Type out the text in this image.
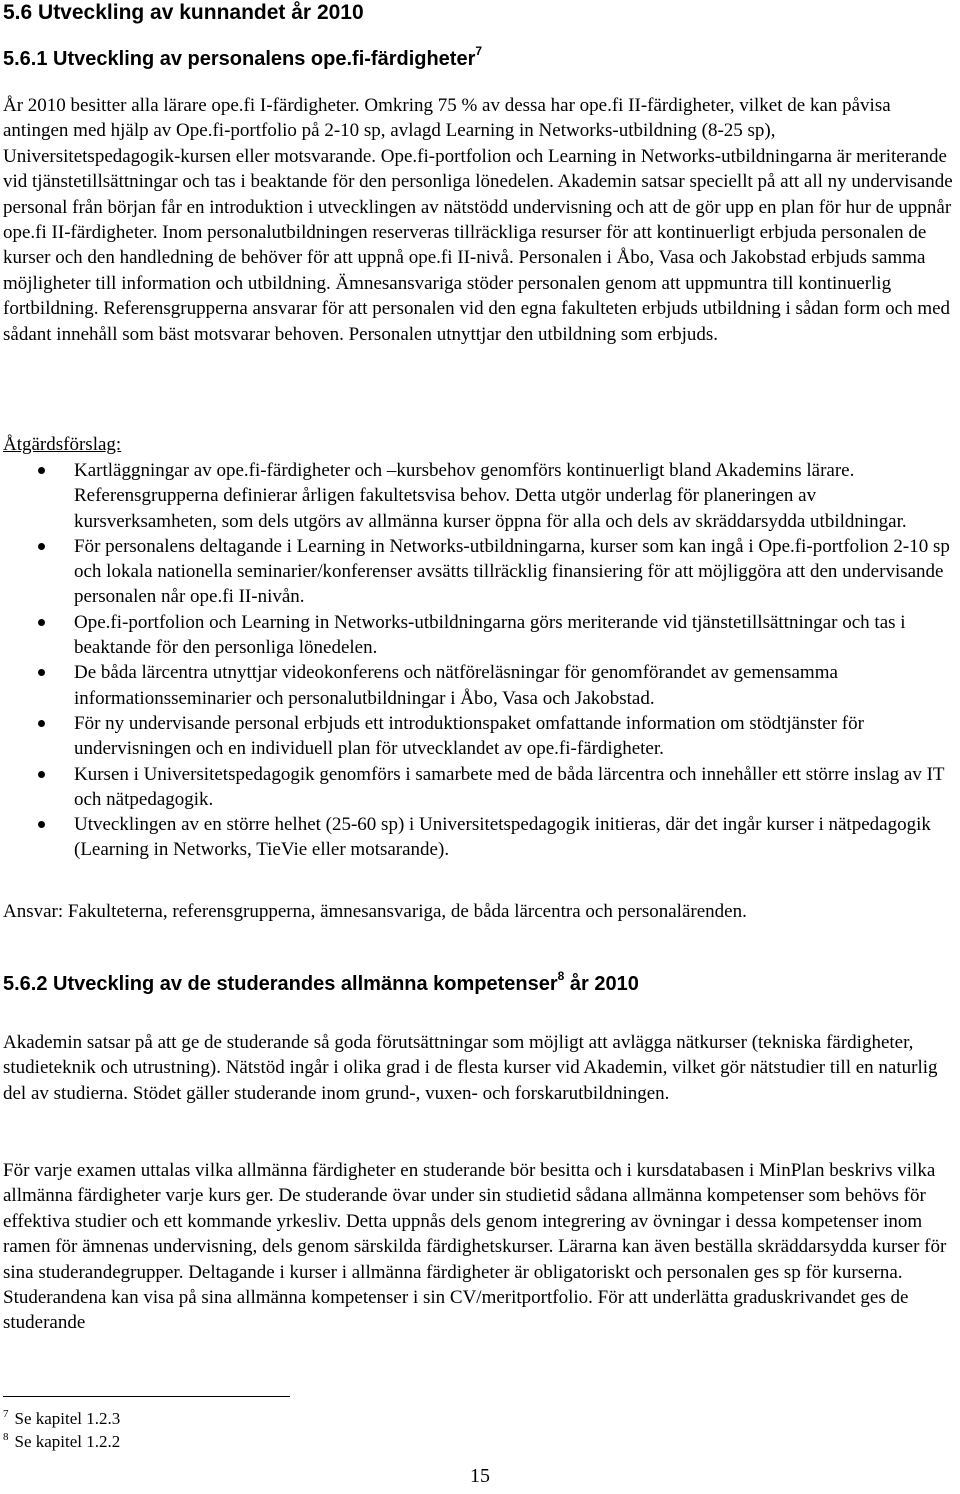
5.6 Utveckling av kunnandet år 2010
5.6.1 Utveckling av personalens ope.fi-färdigheter$^7$

År 2010 besitter alla lärare ope.fi I-färdigheter. Omkring 75 % av dessa har ope.fi II-färdigheter, vilket de kan påvisa antingen med hjälp av Ope.fi-portfolio på 2-10 sp, avlagd Learning in Networks-utbildning (8-25 sp), Universitetspedagogik-kursen eller motsvarande. Ope.fi-portfolion och Learning in Networks-utbildningarna är meriterande vid tjänstetillsättningar och tas i beaktande för den personliga lönedelen. Akademin satsar speciellt på att all ny undervisande personal från början får en introduktion i utvecklingen av nätstödd undervisning och att de gör upp en plan för hur de uppnår ope.fi II-färdigheter. Inom personalutbildningen reserveras tillräckliga resurser för att kontinuerligt erbjuda personalen de kurser och den handledning de behöver för att uppnå ope.fi II-nivå. Personalen i Åbo, Vasa och Jakobstad erbjuds samma möjligheter till information och utbildning. Ämnesansvariga stöder personalen genom att uppmuntra till kontinuerlig fortbildning. Referensgrupperna ansvarar för att personalen vid den egna fakulteten erbjuds utbildning i sådan form och med sådant innehåll som bäst motsvarar behoven. Personalen utnyttjar den utbildning som erbjuds.

Åtgärdsförslag:

Kartläggningar av ope.fi-färdigheter och –kursbehov genomförs kontinuerligt bland Akademins lärare. Referensgrupperna definierar årligen fakultetsvisa behov. Detta utgör underlag för planeringen av kursverksamheten, som dels utgörs av allmänna kurser öppna för alla och dels av skräddarsydda utbildningar.
För personalens deltagande i Learning in Networks-utbildningarna, kurser som kan ingå i Ope.fi-portfolion 2-10 sp och lokala nationella seminarier/konferenser avsätts tillräcklig finansiering för att möjliggöra att den undervisande personalen når ope.fi II-nivån.
Ope.fi-portfolion och Learning in Networks-utbildningarna görs meriterande vid tjänstetillsättningar och tas i beaktande för den personliga lönedelen.
De båda lärcentra utnyttjar videokonferens och nätföreläsningar för genomförandet av gemensamma informationsseminarier och personalutbildningar i Åbo, Vasa och Jakobstad.
För ny undervisande personal erbjuds ett introduktionspaket omfattande information om stödtjänster för undervisningen och en individuell plan för utvecklandet av ope.fi-färdigheter.
Kursen i Universitetspedagogik genomförs i samarbete med de båda lärcentra och innehåller ett större inslag av IT och nätpedagogik.
Utvecklingen av en större helhet (25-60 sp) i Universitetspedagogik initieras, där det ingår kurser i nätpedagogik (Learning in Networks, TieVie eller motsarande).

Ansvar: Fakulteterna, referensgrupperna, ämnesansvariga, de båda lärcentra och personalärenden.

5.6.2 Utveckling av de studerandes allmänna kompetenser$^8$ år 2010

Akademin satsar på att ge de studerande så goda förutsättningar som möjligt att avlägga nätkurser (tekniska färdigheter, studieteknik och utrustning). Nätstöd ingår i olika grad i de flesta kurser vid Akademin, vilket gör nätstudier till en naturlig del av studierna. Stödet gäller studerande inom grund-, vuxen- och forskarutbildningen.

För varje examen uttalas vilka allmänna färdigheter en studerande bör besitta och i kursdatabasen i MinPlan beskrivs vilka allmänna färdigheter varje kurs ger. De studerande övar under sin studietid sådana allmänna kompetenser som behövs för effektiva studier och ett kommande yrkesliv. Detta uppnås dels genom integrering av övningar i dessa kompetenser inom ramen för ämnenas undervisning, dels genom särskilda färdighetskurser. Lärarna kan även beställa skräddarsydda kurser för sina studerandegrupper. Deltagande i kurser i allmänna färdigheter är obligatoriskt och personalen ges sp för kurserna. Studerandena kan visa på sina allmänna kompetenser i sin CV/meritportfolio. För att underlätta graduskrivandet ges de studerande

$^7$ Se kapitel 1.2.3
$^8$ Se kapitel 1.2.2
15
